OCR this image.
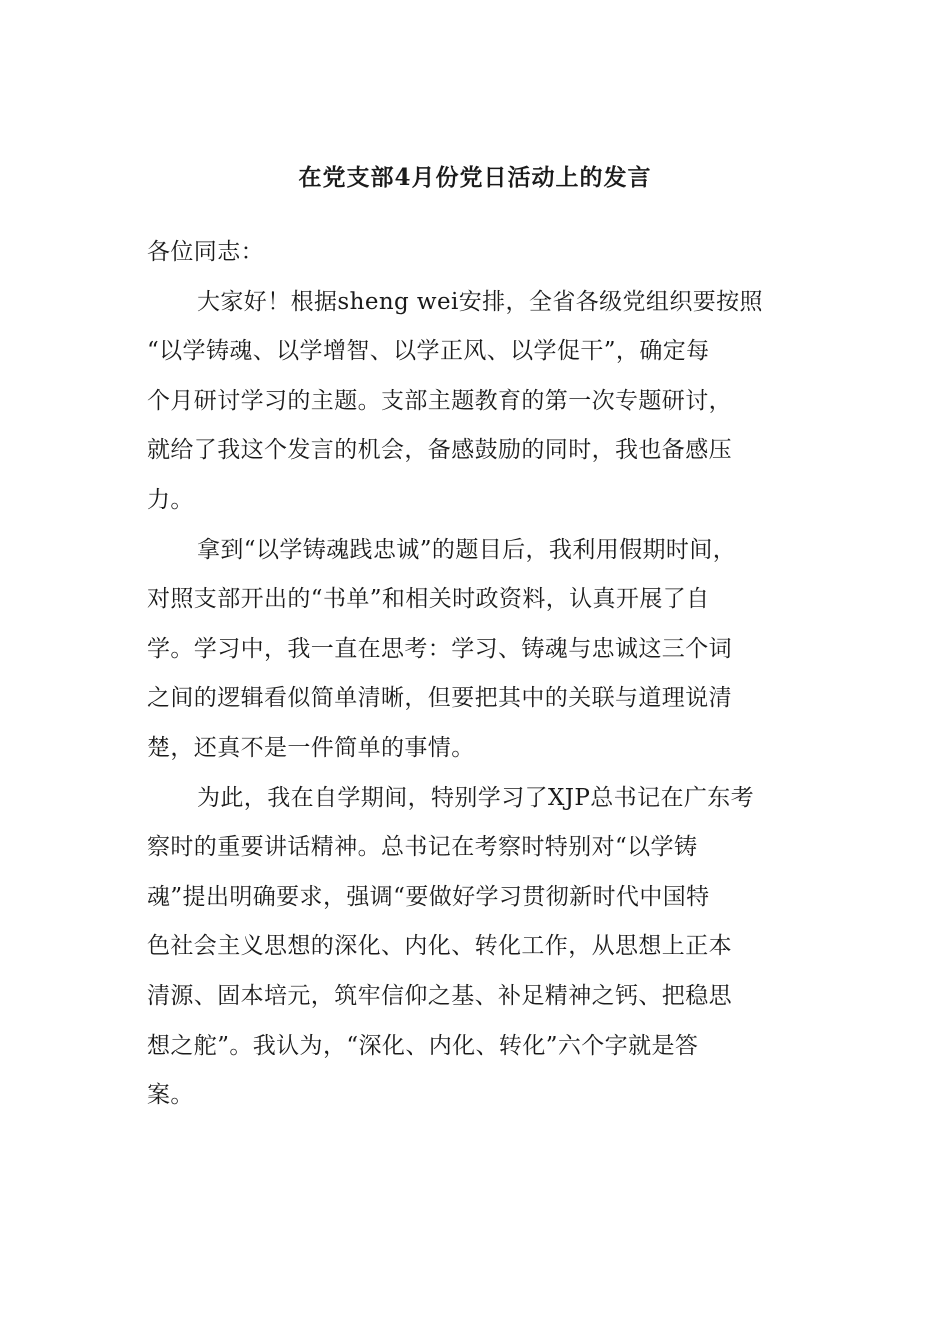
在党支部4月份党日活动上的发言
各位同志：
大家好！根据sheng wei安排，全省各级党组织要按照
“以学铸魂、以学增智、以学正风、以学促干”，确定每
个月研讨学习的主题。支部主题教育的第一次专题研讨，
就给了我这个发言的机会，备感鼓励的同时，我也备感压
力。
拿到“以学铸魂践忠诚”的题目后，我利用假期时间，
对照支部开出的“书单”和相关时政资料，认真开展了自
学。学习中，我一直在思考：学习、铸魂与忠诚这三个词
之间的逻辑看似简单清晰，但要把其中的关联与道理说清
楚，还真不是一件简单的事情。
为此，我在自学期间，特别学习了XJP总书记在广东考
察时的重要讲话精神。总书记在考察时特别对“以学铸
魂”提出明确要求，强调“要做好学习贯彻新时代中国特
色社会主义思想的深化、内化、转化工作，从思想上正本
清源、固本培元，筑牢信仰之基、补足精神之钙、把稳思
想之舵”。我认为，“深化、内化、转化”六个字就是答
案。
